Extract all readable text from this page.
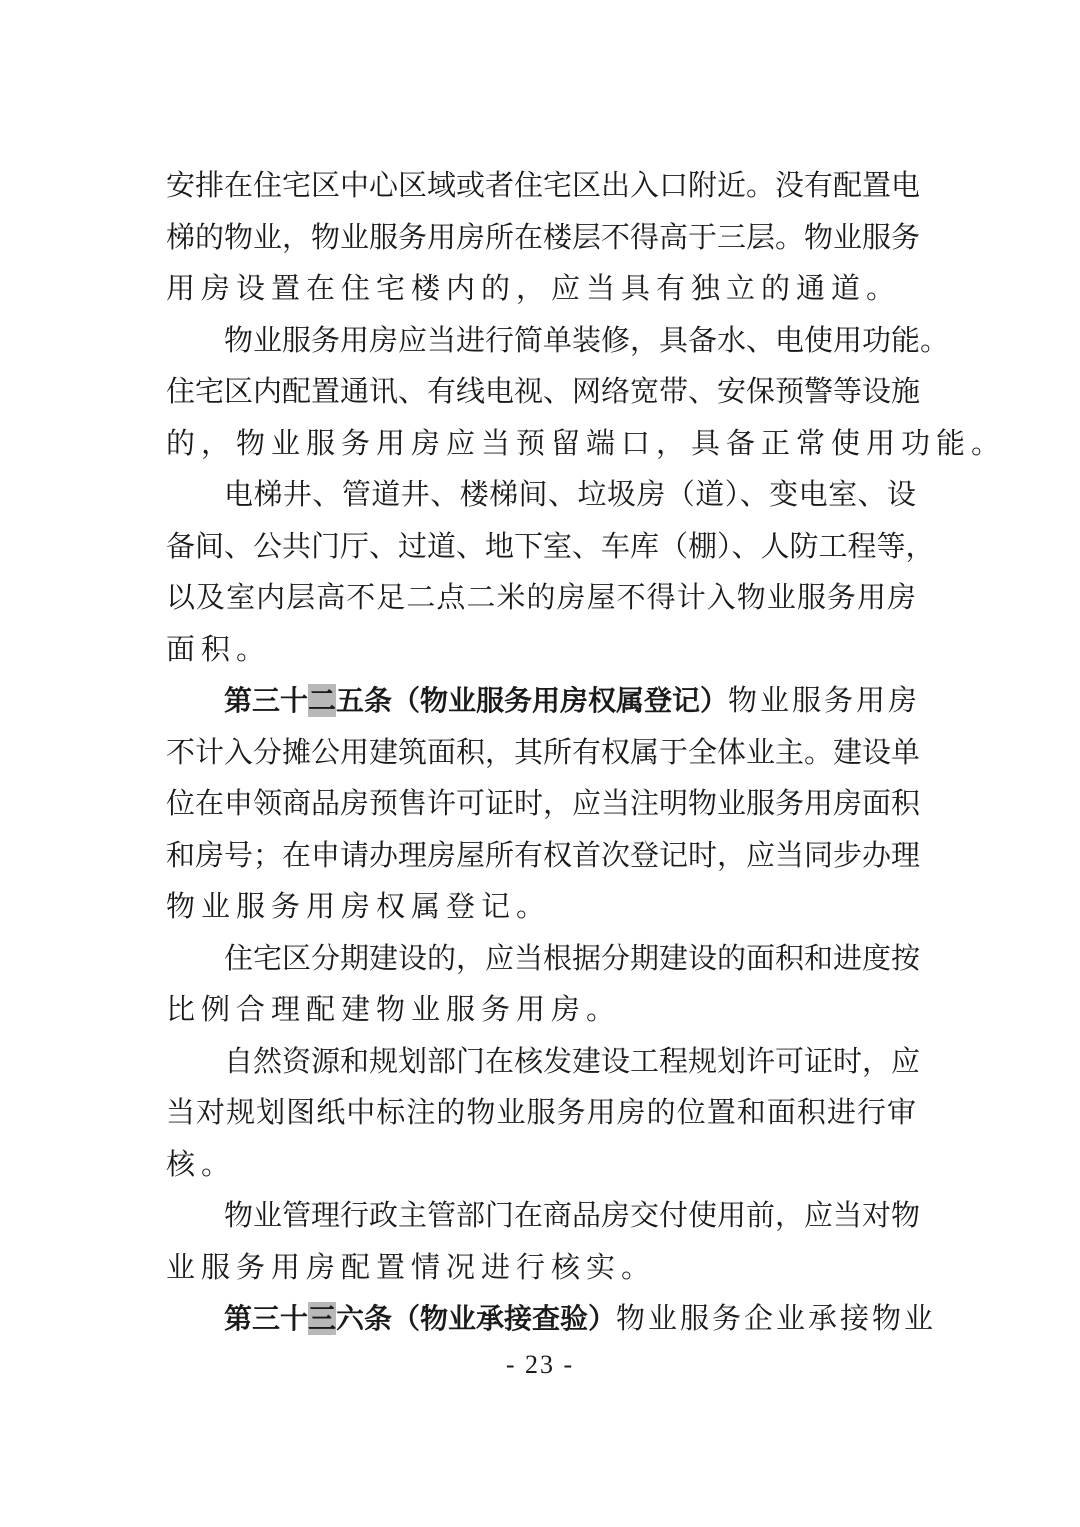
安排在住宅区中心区域或者住宅区出入口附近。没有配置电
梯的物业，物业服务用房所在楼层不得高于三层。物业服务
用房设置在住宅楼内的，应当具有独立的通道。
物业服务用房应当进行简单装修，具备水、电使用功能。
住宅区内配置通讯、有线电视、网络宽带、安保预警等设施
的，物业服务用房应当预留端口，具备正常使用功能。
电梯井、管道井、楼梯间、垃圾房（道）、变电室、设
备间、公共门厅、过道、地下室、车库（棚）、人防工程等，
以及室内层高不足二点二米的房屋不得计入物业服务用房
面积。
第三十二五条（物业服务用房权属登记）物业服务用房
不计入分摊公用建筑面积，其所有权属于全体业主。建设单
位在申领商品房预售许可证时，应当注明物业服务用房面积
和房号；在申请办理房屋所有权首次登记时，应当同步办理
物业服务用房权属登记。
住宅区分期建设的，应当根据分期建设的面积和进度按
比例合理配建物业服务用房。
自然资源和规划部门在核发建设工程规划许可证时，应
当对规划图纸中标注的物业服务用房的位置和面积进行审
核。
物业管理行政主管部门在商品房交付使用前，应当对物
业服务用房配置情况进行核实。
第三十三六条（物业承接查验）物业服务企业承接物业
- 23 -
